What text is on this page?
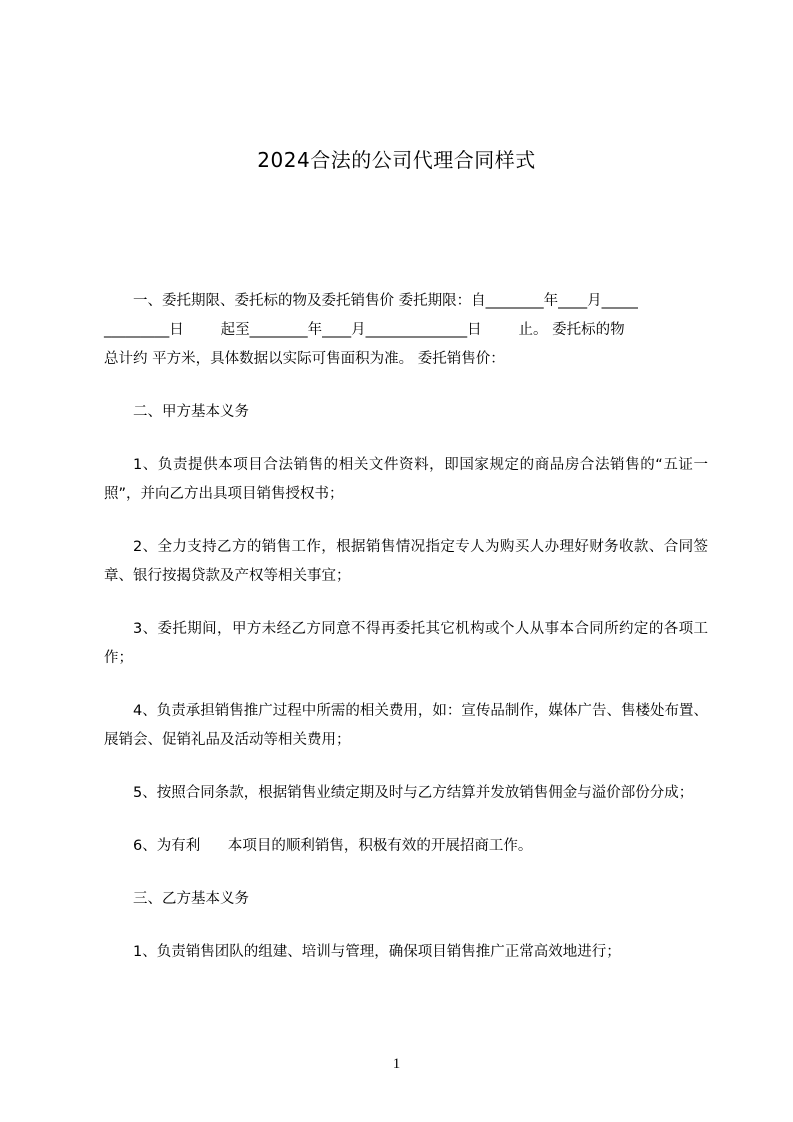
2024合法的公司代理合同样式

一、委托期限、委托标的物及委托销售价 委托期限：自________年____月_____

_________日        起至________年____月______________日        止。 委托标的物

总计约 平方米，具体数据以实际可售面积为准。 委托销售价：

二、甲方基本义务

1、负责提供本项目合法销售的相关文件资料，即国家规定的商品房合法销售的“五证一照”，并向乙方出具项目销售授权书；

2、全力支持乙方的销售工作，根据销售情况指定专人为购买人办理好财务收款、合同签章、银行按揭贷款及产权等相关事宜；

3、委托期间，甲方未经乙方同意不得再委托其它机构或个人从事本合同所约定的各项工作；

4、负责承担销售推广过程中所需的相关费用，如：宣传品制作，媒体广告、售楼处布置、展销会、促销礼品及活动等相关费用；

5、按照合同条款，根据销售业绩定期及时与乙方结算并发放销售佣金与溢价部份分成；

6、为有利      本项目的顺利销售，积极有效的开展招商工作。

三、乙方基本义务

1、负责销售团队的组建、培训与管理，确保项目销售推广正常高效地进行；

1
